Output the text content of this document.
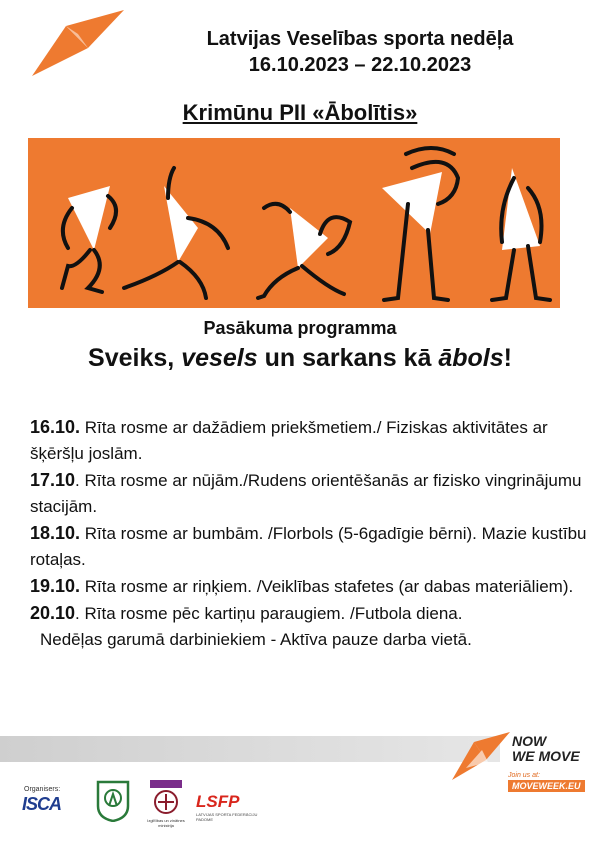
Latvijas Veselības sporta nedēļa
16.10.2023 – 22.10.2023
Krimūnu PII «Ābolītis»
Pasākuma programma
Sveiks, vesels un sarkans kā ābols!

16.10. Rīta rosme ar dažādiem priekšmetiem./ Fiziskas aktivitātes ar šķēršļu joslām.

17.10. Rīta rosme ar nūjām./Rudens orientēšanās ar fizisko vingrinājumu stacijām.

18.10. Rīta rosme ar bumbām. /Florbols (5-6gadīgie bērni). Mazie kustību rotaļas.

19.10. Rīta rosme ar riņķiem. /Veiklības stafetes (ar dabas materiāliem).

20.10. Rīta rosme pēc kartiņu paraugiem. /Futbola diena.

Nedēļas garumā darbiniekiem - Aktīva pauze darba vietā.

NOW
WE MOVE
Join us at:
MOVEWEEK.EU
Organisers:
ISCA
Izglītības un zinātnes ministrija
LSFP
LATVIJAS SPORTA FEDERĀCIJU PADOME
